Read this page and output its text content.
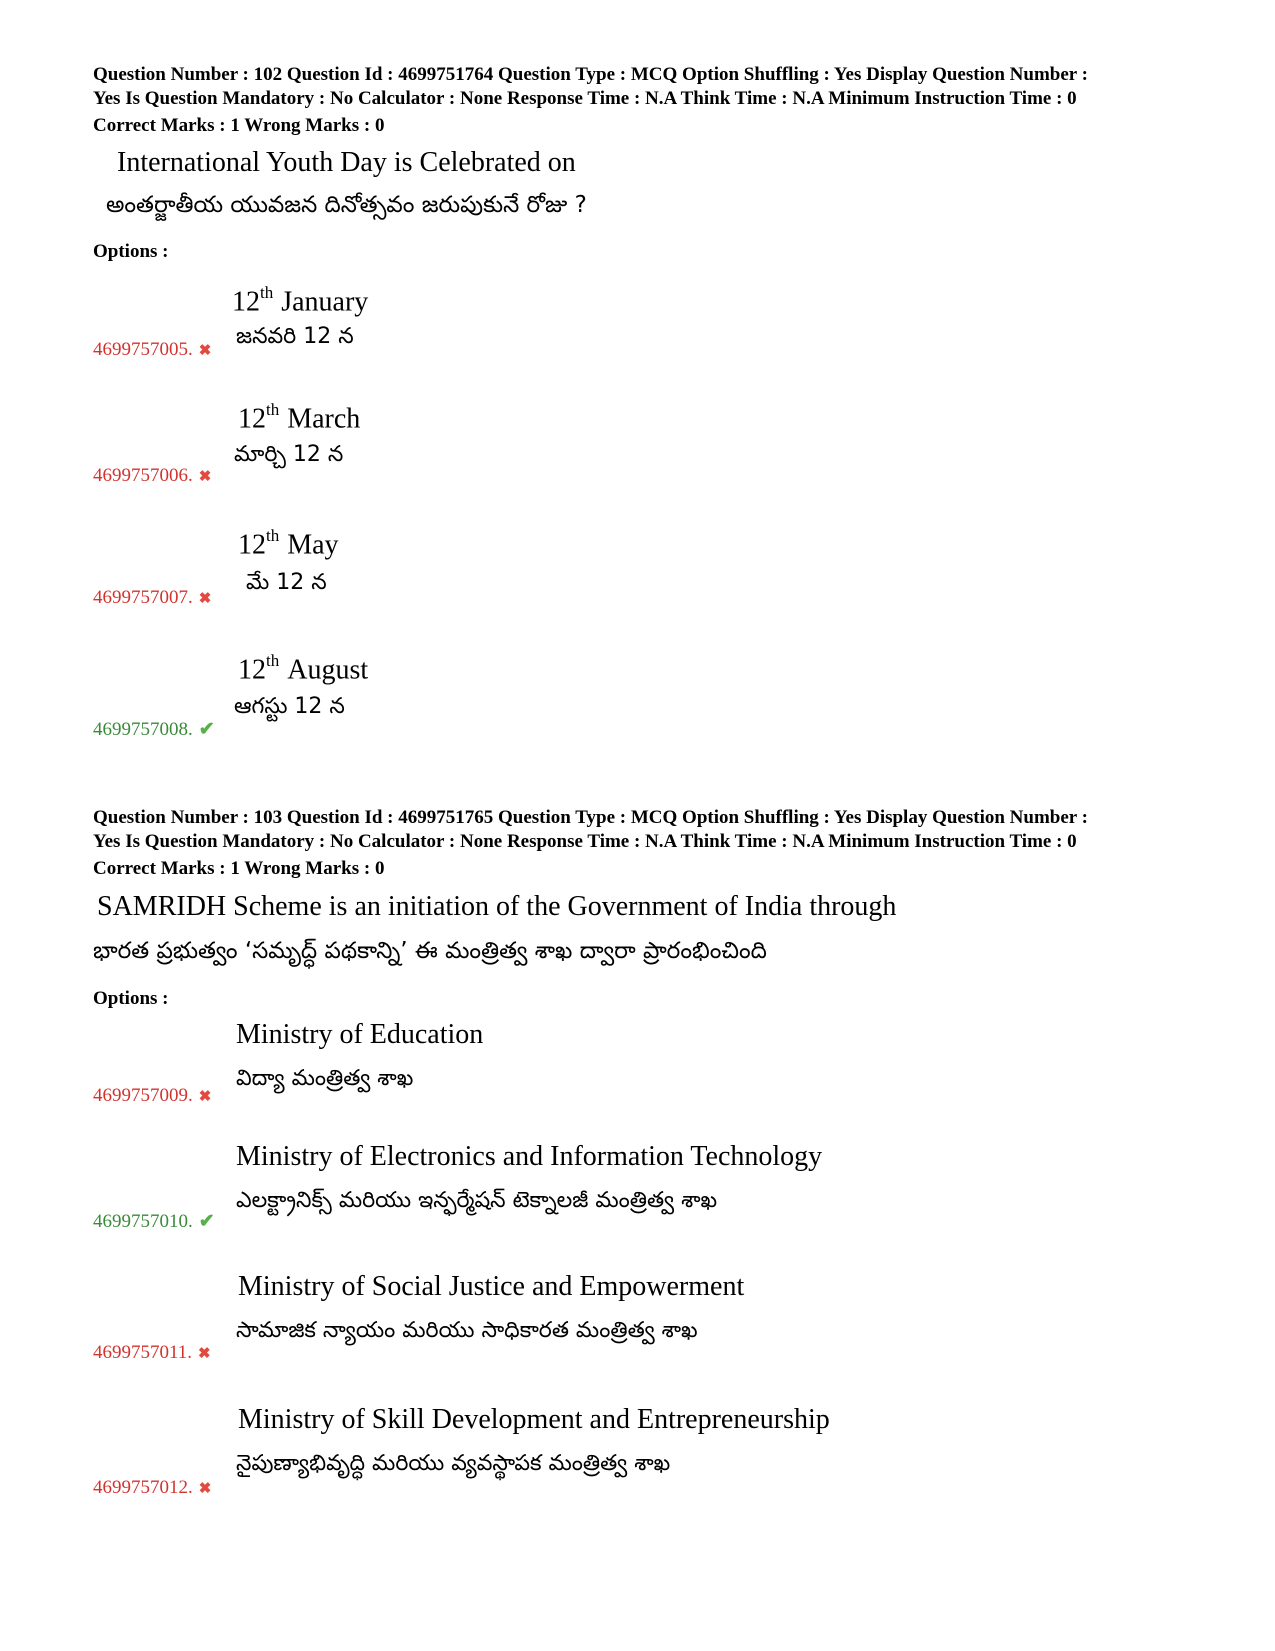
Question Number : 102 Question Id : 4699751764 Question Type : MCQ Option Shuffling : Yes Display Question Number :
Yes Is Question Mandatory : No Calculator : None Response Time : N.A Think Time : N.A Minimum Instruction Time : 0
Correct Marks : 1 Wrong Marks : 0
International Youth Day is Celebrated on
అంతర్జాతీయ యువజన దినోత్సవం జరుపుకునే రోజు ?
Options :
12th January
జనవరి 12 న
4699757005. ✖
12th March
మార్చి 12 న
4699757006. ✖
12th May
మే 12 న
4699757007. ✖
12th August
ఆగస్టు 12 న
4699757008. ✔
Question Number : 103 Question Id : 4699751765 Question Type : MCQ Option Shuffling : Yes Display Question Number :
Yes Is Question Mandatory : No Calculator : None Response Time : N.A Think Time : N.A Minimum Instruction Time : 0
Correct Marks : 1 Wrong Marks : 0
SAMRIDH Scheme is an initiation of the Government of India through
భారత ప్రభుత్వం ‘సమృద్ధ్ పథకాన్ని’ ఈ మంత్రిత్వ శాఖ ద్వారా ప్రారంభించింది
Options :
Ministry of Education
విద్యా మంత్రిత్వ శాఖ
4699757009. ✖
Ministry of Electronics and Information Technology
ఎలక్ట్రానిక్స్ మరియు ఇన్ఫర్మేషన్ టెక్నాలజీ మంత్రిత్వ శాఖ
4699757010. ✔
Ministry of Social Justice and Empowerment
సామాజిక న్యాయం మరియు సాధికారత మంత్రిత్వ శాఖ
4699757011. ✖
Ministry of Skill Development and Entrepreneurship
నైపుణ్యాభివృద్ధి మరియు వ్యవస్థాపక మంత్రిత్వ శాఖ
4699757012. ✖
